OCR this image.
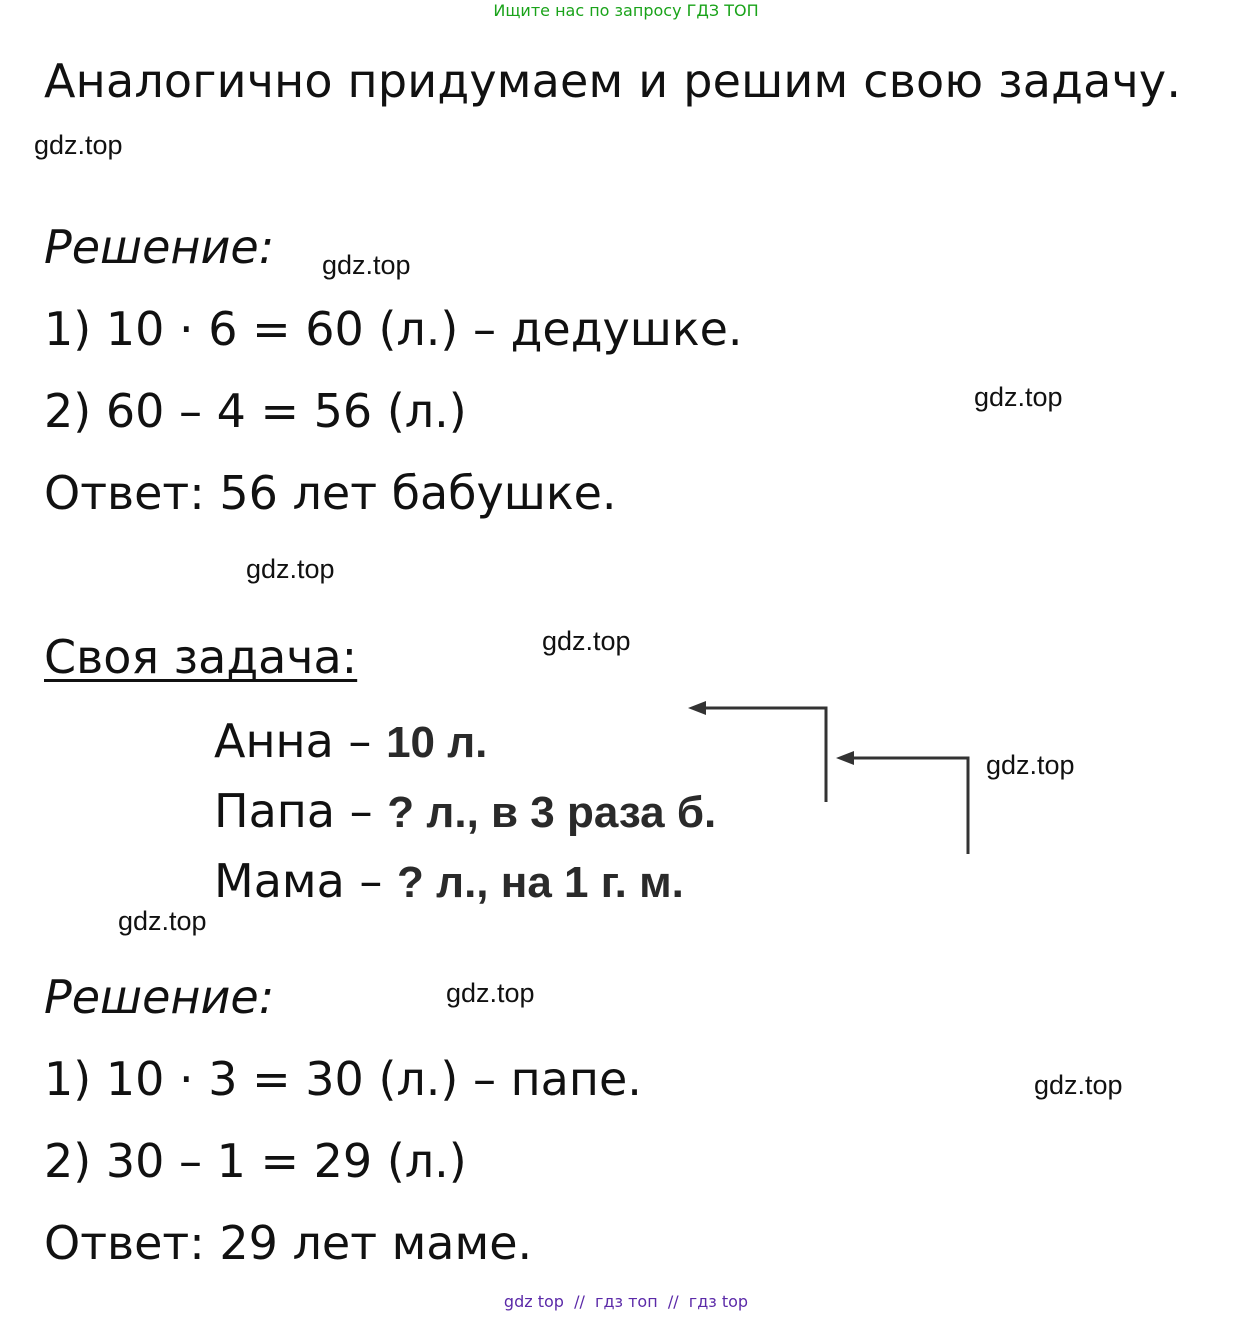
Ищите нас по запросу ГДЗ ТОП
Аналогично придумаем и решим свою задачу.
gdz.top
gdz.top
gdz.top
gdz.top
gdz.top
gdz.top
gdz.top
gdz.top
gdz.top
Решение:
1) 10 · 6 = 60 (л.) – дедушке.
2) 60 – 4 = 56 (л.)
Ответ: 56 лет бабушке.
Своя задача:
Анна – 10 л.
Папа – ? л., в 3 раза б.
Мама – ? л., на 1 г. м.
Решение:
1) 10 · 3 = 30 (л.) – папе.
2) 30 – 1 = 29 (л.)
Ответ: 29 лет маме.
gdz top  //  гдз топ  //  гдз top
